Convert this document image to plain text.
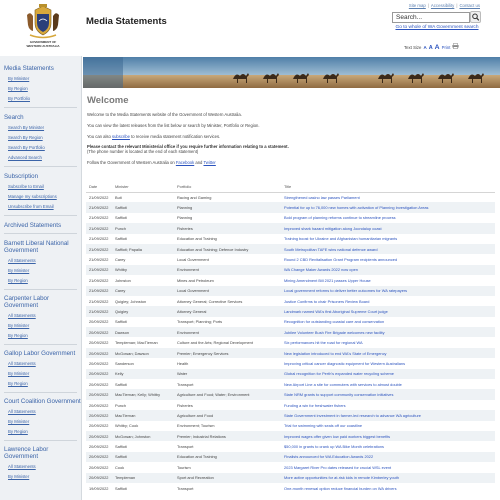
GOVERNMENT OF
WESTERN AUSTRALIA
Media Statements
Site map | Accessibility | Contact us
Search...
Go to whole of WA Government search
Text Size A A A Print
Media Statements
By Minister
By Region
By Portfolio
Search
Search By Minister
Search By Region
Search By Portfolio
Advanced Search
Subscription
Subscribe to Email
Manage my subscriptions
Unsubscribe from Email
Archived Statements
Barnett Liberal National Government
All Statements
By Minister
By Region
Carpenter Labor Government
All Statements
By Minister
By Region
Gallop Labor Government
All Statements
By Minister
By Region
Court Coalition Government
All Statements
By Minister
By Region
Lawrence Labor Government
All Statements
By Minister
Welcome
Welcome to the Media Statements website of the Government of Western Australia.
You can view the latest releases from the list below or search by Minister, Portfolio or Region.
You can also subscribe to receive media statement notification services.
Please contact the relevant Ministerial office if you require further information relating to a statement.
(The phone number is located at the end of each statement)
Follow the Government of Western Australia on Facebook and Twitter
Date	Minister	Portfolio	Title
21/09/2022	Buti	Racing and Gaming	Strengthened casino law passes Parliament
21/09/2022	Saffioti	Planning	Potential for up to 76,000 new homes with activation of Planning Investigation Areas
21/09/2022	Saffioti	Planning	Bold program of planning reforms continue to streamline process
21/09/2022	Punch	Fisheries	Improved shark hazard mitigation along Joondalup coast
21/09/2022	Saffioti	Education and Training	Training boost for Ukraine and Afghanistan humanitarian migrants
21/09/2022	Saffioti; Papalia	Education and Training; Defence Industry	South Metropolitan TAFE wins national defence award
21/09/2022	Carey	Local Government	Round 2 CBD Revitalisation Grant Program recipients announced
21/09/2022	Whitby	Environment	WA Change Maker Awards 2022 now open
21/09/2022	Johnston	Mines and Petroleum	Mining Amendment Bill 2021 passes Upper House
21/09/2022	Carey	Local Government	Local government reforms to deliver better outcomes for WA ratepayers
21/09/2022	Quigley; Johnston	Attorney General; Corrective Services	Justice Confirms to chair Prisoners Review Board
21/09/2022	Quigley	Attorney General	Landmark named WA's first Aboriginal Supreme Court judge
20/09/2022	Saffioti	Transport; Planning; Ports	Recognition for outstanding coastal care and conservation
20/09/2022	Dawson	Environment	Jubilee Volunteer Bush Fire Brigade welcomes new facility
20/09/2022	Templeman; MacTiernan	Culture and the Arts; Regional Development	Six performances hit the road for regional WA
20/09/2022	McGowan; Dawson	Premier; Emergency Services	New legislation introduced to end WA's State of Emergency
20/09/2022	Sanderson	Health	Improving critical cancer diagnostic equipment for Western Australians
20/09/2022	Kelly	Water	Global recognition for Perth's expanded water recycling scheme
20/09/2022	Saffioti	Transport	New Airport Line a site for commuters with services to almost double
20/09/2022	MacTiernan; Kelly; Whitby	Agriculture and Food; Water; Environment	State NRM grants to support community conservation initiatives
20/09/2022	Punch	Fisheries	Funding a win for freshwater fishers
20/09/2022	MacTiernan	Agriculture and Food	State Government investment in farmer-led research to advance WA agriculture
20/09/2022	Whitby; Cook	Environment; Tourism	Trial for swimming with seals off our coastline
20/09/2022	McGowan; Johnston	Premier; Industrial Relations	Improved wages offer given low paid workers biggest benefits
20/09/2022	Saffioti	Transport	$50,000 in grants to crank up WA Bike Month celebrations
20/09/2022	Saffioti	Education and Training	Finalists announced for WA Education Awards 2022
20/09/2022	Cook	Tourism	2023 Margaret River Pro dates released for crucial WSL event
20/09/2022	Templeman	Sport and Recreation	More active opportunities for at-risk kids in remote Kimberley youth
19/09/2022	Saffioti	Transport	One-month renewal option reduce financial burden on WA drivers
